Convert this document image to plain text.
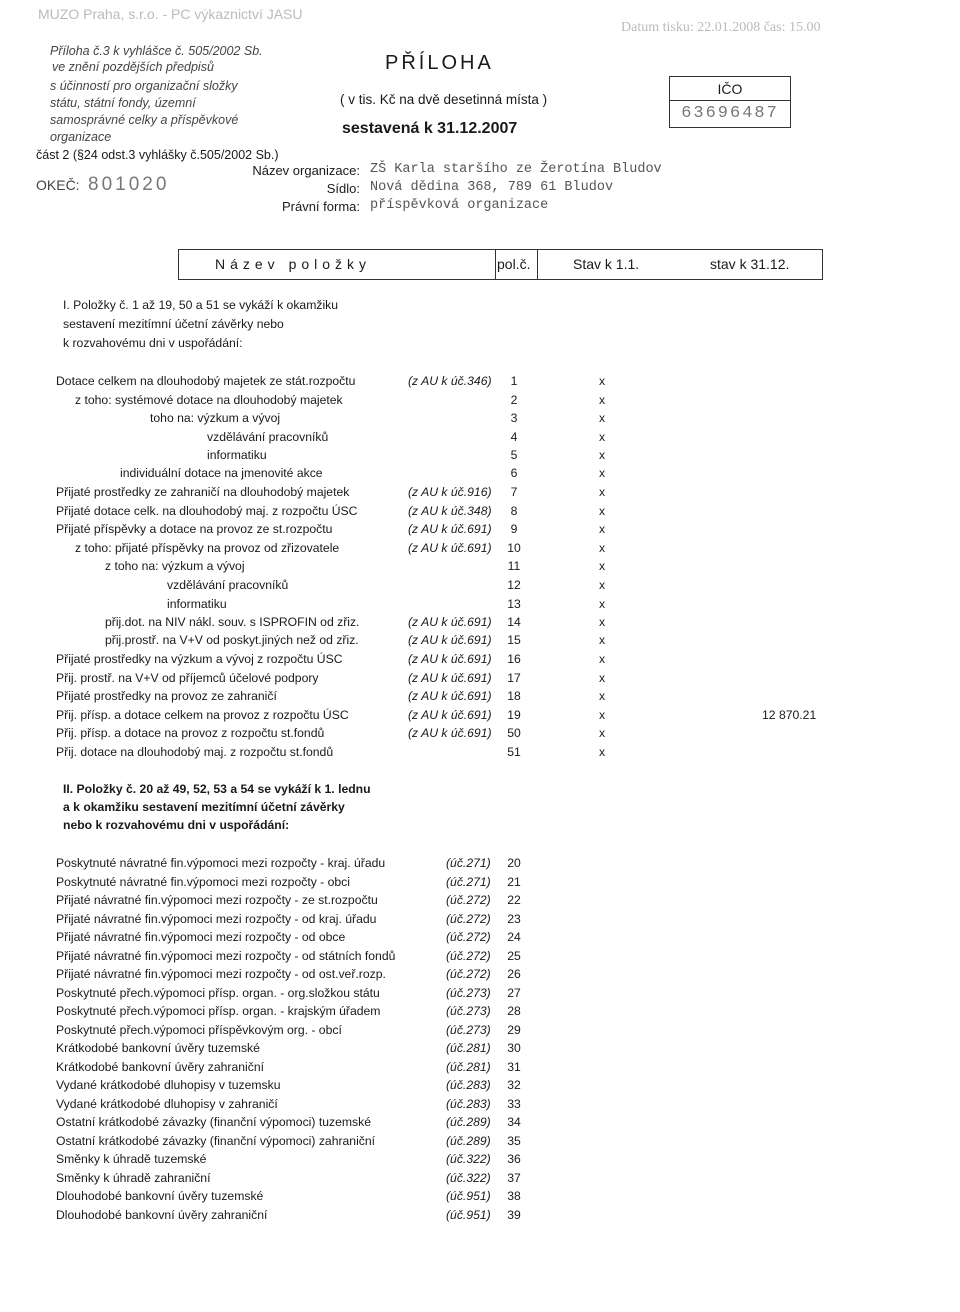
MUZO Praha, s.r.o. - PC výkaznictví JASU
Datum tisku: 22.01.2008 čas: 15.00
Příloha č.3 k vyhlášce č. 505/2002 Sb.
ve znění pozdějších předpisů
s účinností pro organizační složky
státu, státní fondy, územní
samosprávné celky a příspěvkové
organizace
část 2 (§24 odst.3 vyhlášky č.505/2002 Sb.)
PŘÍLOHA
( v tis. Kč na dvě desetinná místa )
sestavená k 31.12.2007
IČO
63696487
Název organizace: ZŠ Karla staršího ze Žerotína Bludov
Sídlo: Nová dědina 368, 789 61 Bludov
Právní forma: příspěvková organizace
OKEČ: 801020
Název položky	pol.č.	Stav k 1.1.	stav k 31.12.
I. Položky č. 1 až 19, 50 a 51 se vykáží k okamžiku
sestavení mezitímní účetní závěrky nebo
k rozvahovému dni v uspořádání:
Dotace celkem na dlouhodobý majetek ze stát.rozpočtu	(z AU k úč.346)	1	x
z toho: systémové dotace na dlouhodobý majetek	2	x
toho na: výzkum a vývoj	3	x
vzdělávání pracovníků	4	x
informatiku	5	x
individuální dotace na jmenovité akce	6	x
Přijaté prostředky ze zahraničí na dlouhodobý majetek	(z AU k úč.916)	7	x
Přijaté dotace celk. na dlouhodobý maj. z rozpočtu ÚSC	(z AU k úč.348)	8	x
Přijaté příspěvky a dotace na provoz ze st.rozpočtu	(z AU k úč.691)	9	x
z toho: přijaté příspěvky na provoz od zřizovatele	(z AU k úč.691)	10	x
z toho na: výzkum a vývoj	11	x
vzdělávání pracovníků	12	x
informatiku	13	x
přij.dot. na NIV nákl. souv. s ISPROFIN od zřiz.	(z AU k úč.691)	14	x
přij.prostř. na V+V od poskyt.jiných než od zřiz.	(z AU k úč.691)	15	x
Přijaté prostředky na výzkum a vývoj z rozpočtu ÚSC	(z AU k úč.691)	16	x
Přij. prostř. na V+V od příjemců účelové podpory	(z AU k úč.691)	17	x
Přijaté prostředky na provoz ze zahraničí	(z AU k úč.691)	18	x
Přij. přísp. a dotace celkem na provoz z rozpočtu ÚSC	(z AU k úč.691)	19	x	12 870.21
Přij. přísp. a dotace na provoz z rozpočtu st.fondů	(z AU k úč.691)	50	x
Přij. dotace na dlouhodobý maj. z rozpočtu st.fondů	51	x
II. Položky č. 20 až 49, 52, 53 a 54 se vykáží k 1. lednu
a k okamžiku sestavení mezitímní účetní závěrky
nebo k rozvahovému dni v uspořádání:
Poskytnuté návratné fin.výpomoci mezi rozpočty - kraj. úřadu	(úč.271)	20
Poskytnuté návratné fin.výpomoci mezi rozpočty - obci	(úč.271)	21
Přijaté návratné fin.výpomoci mezi rozpočty - ze st.rozpočtu	(úč.272)	22
Přijaté návratné fin.výpomoci mezi rozpočty - od kraj. úřadu	(úč.272)	23
Přijaté návratné fin.výpomoci mezi rozpočty - od obce	(úč.272)	24
Přijaté návratné fin.výpomoci mezi rozpočty - od státních fondů	(úč.272)	25
Přijaté návratné fin.výpomoci mezi rozpočty - od ost.veř.rozp.	(úč.272)	26
Poskytnuté přech.výpomoci přísp. organ. - org.složkou státu	(úč.273)	27
Poskytnuté přech.výpomoci přísp. organ. - krajským úřadem	(úč.273)	28
Poskytnuté přech.výpomoci příspěvkovým org. - obcí	(úč.273)	29
Krátkodobé bankovní úvěry tuzemské	(úč.281)	30
Krátkodobé bankovní úvěry zahraniční	(úč.281)	31
Vydané krátkodobé dluhopisy v tuzemsku	(úč.283)	32
Vydané krátkodobé dluhopisy v zahraničí	(úč.283)	33
Ostatní krátkodobé závazky (finanční výpomoci) tuzemské	(úč.289)	34
Ostatní krátkodobé závazky (finanční výpomoci) zahraniční	(úč.289)	35
Směnky k úhradě tuzemské	(úč.322)	36
Směnky k úhradě zahraniční	(úč.322)	37
Dlouhodobé bankovní úvěry tuzemské	(úč.951)	38
Dlouhodobé bankovní úvěry zahraniční	(úč.951)	39
